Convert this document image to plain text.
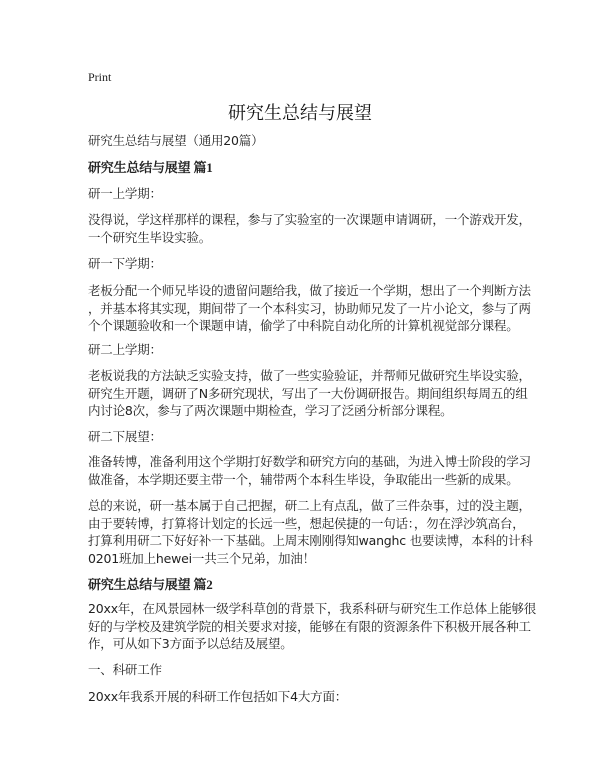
Print
研究生总结与展望
研究生总结与展望（通用20篇）
研究生总结与展望 篇1
研一上学期：
没得说，学这样那样的课程，参与了实验室的一次课题申请调研，一个游戏开发，
一个研究生毕设实验。
研一下学期：
老板分配一个师兄毕设的遗留问题给我，做了接近一个学期，想出了一个判断方法
，并基本将其实现，期间带了一个本科实习，协助师兄发了一片小论文，参与了两
个个课题验收和一个课题申请，偷学了中科院自动化所的计算机视觉部分课程。
研二上学期：
老板说我的方法缺乏实验支持，做了一些实验验证，并帮师兄做研究生毕设实验，
研究生开题，调研了N多研究现状，写出了一大份调研报告。期间组织每周五的组
内讨论8次，参与了两次课题中期检查，学习了泛函分析部分课程。
研二下展望：
准备转博，准备利用这个学期打好数学和研究方向的基础，为进入博士阶段的学习
做准备，本学期还要主带一个，辅带两个本科生毕设，争取能出一些新的成果。
总的来说，研一基本属于自己把握，研二上有点乱，做了三件杂事，过的没主题，
由于要转博，打算将计划定的长远一些，想起侯捷的一句话：，勿在浮沙筑高台，
打算利用研二下好好补一下基础。上周末刚刚得知wanghc 也要读博，本科的计科
0201班加上hewei一共三个兄弟，加油！
研究生总结与展望 篇2
20xx年，在风景园林一级学科草创的背景下，我系科研与研究生工作总体上能够很
好的与学校及建筑学院的相关要求对接，能够在有限的资源条件下积极开展各种工
作，可从如下3方面予以总结及展望。
一、科研工作
20xx年我系开展的科研工作包括如下4大方面：
